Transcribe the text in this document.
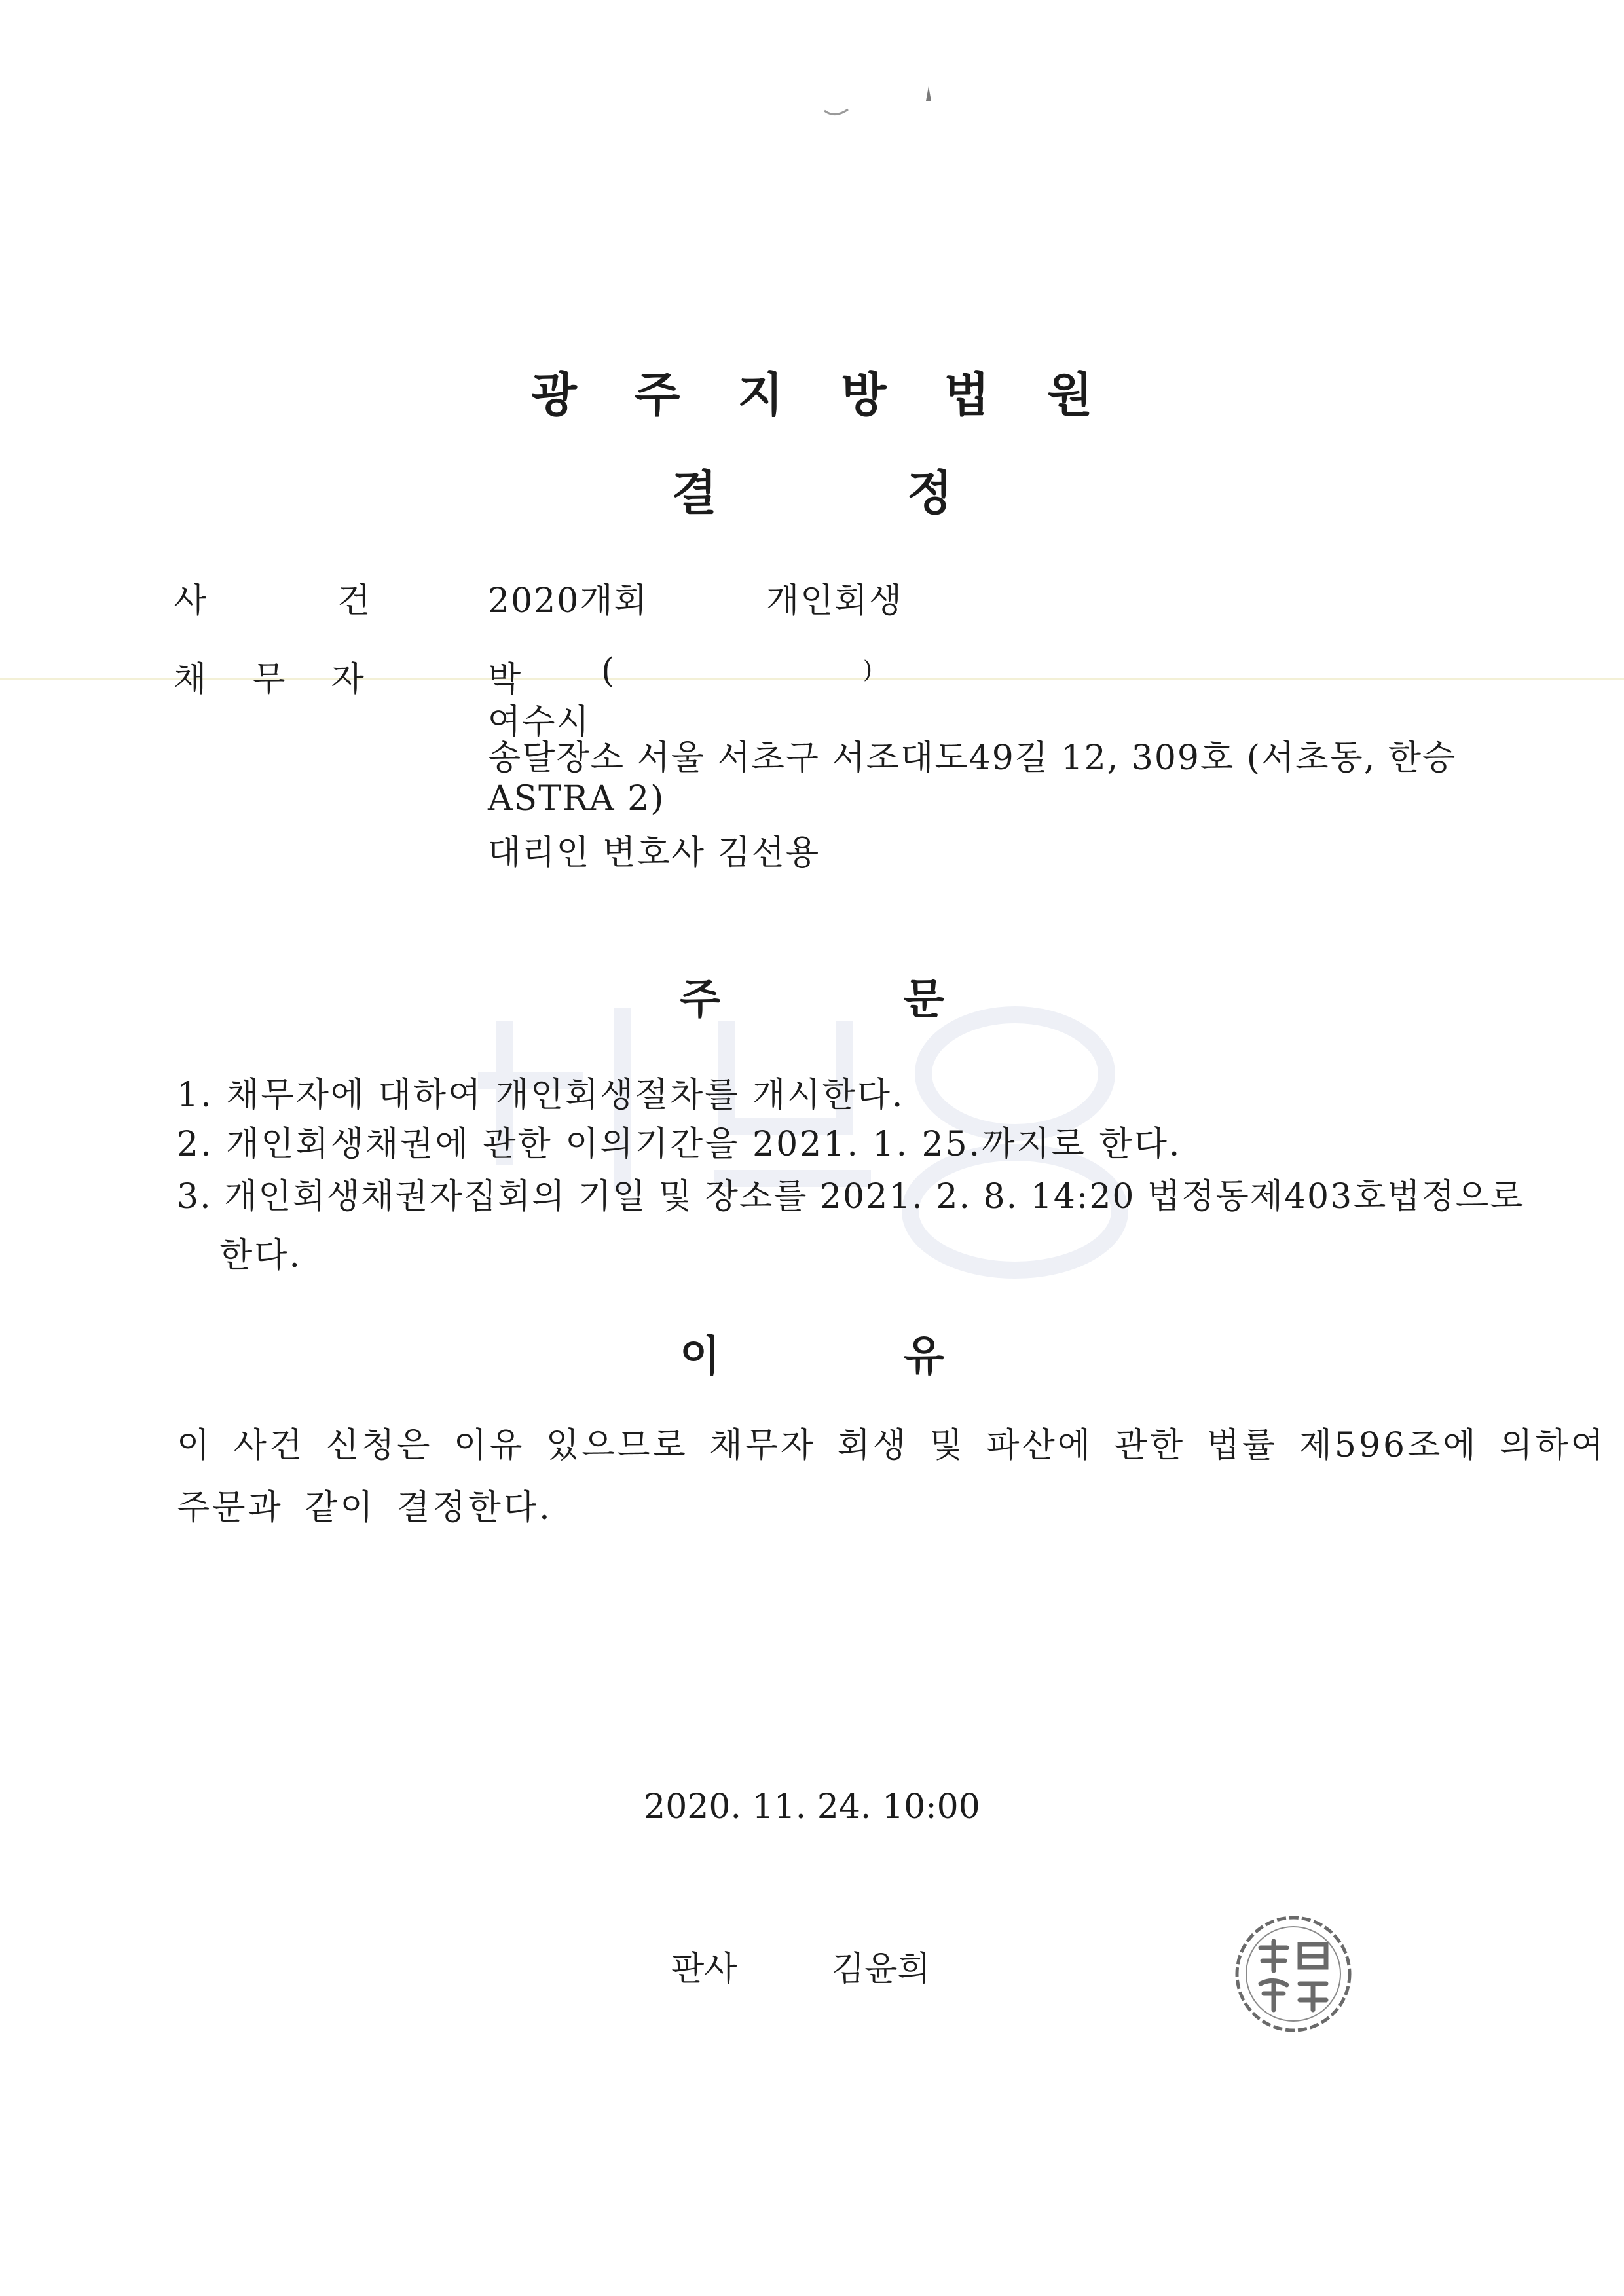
광주지방법원
결정
사건
2020개회	개인회생
채무자 박 (	)
여수시
송달장소 서울 서초구 서조대도49길 12, 309호 (서초동, 한승
ASTRA 2)
대리인 변호사 김선용
주문
1. 채무자에 대하여 개인회생절차를 개시한다.
2. 개인회생채권에 관한 이의기간을 2021. 1. 25.까지로 한다.
3. 개인회생채권자집회의 기일 및 장소를 2021. 2. 8. 14:20 법정동제403호법정으로
한다.
이유
이 사건 신청은 이유 있으므로 채무자 회생 및 파산에 관한 법률 제596조에 의하여
주문과 같이 결정한다.
2020. 11. 24. 10:00
판사	김윤희
